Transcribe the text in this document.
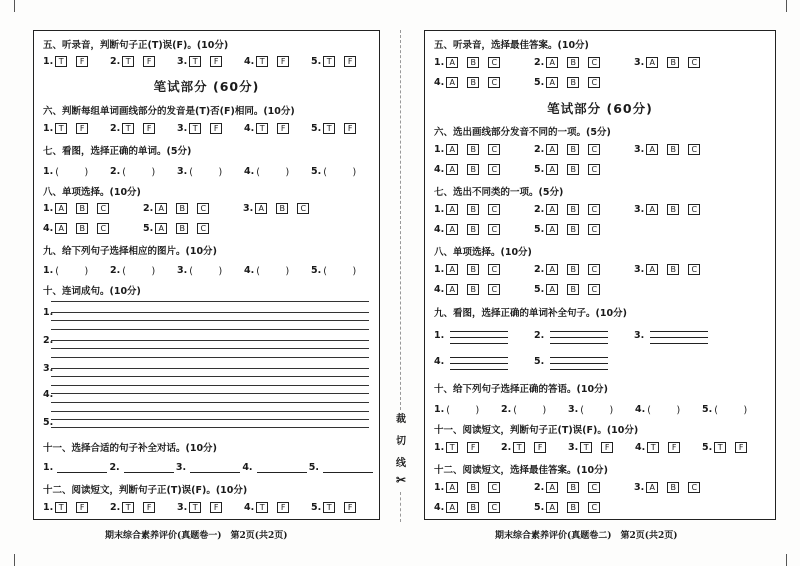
五、听录音，判断句子正(T)误(F)。(10分)
1. T	F	2. T	F	3. T	F	4. T	F	5. T	F
笔试部分 (60分)
六、判断每组单词画线部分的发音是(T)否(F)相同。(10分)
1. T	F	2. T	F	3. T	F	4. T	F	5. T	F
七、看图，选择正确的单词。(5分)
1. (　) 2. (　) 3. (　) 4. (　) 5. (　)
八、单项选择。(10分)
1. A	B	C	2. A	B	C	3. A	B	C
4. A	B	C	5. A	B	C
九、给下列句子选择相应的图片。(10分)
1. (　) 2. (　) 3. (　) 4. (　) 5. (　)
十、连词成句。(10分)
1.
2.
3.
4.
5.
十一、选择合适的句子补全对话。(10分)
1.	2.	3.	4.	5.
十二、阅读短文，判断句子正(T)误(F)。(10分)
1. T	F	2. T	F	3. T	F	4. T	F	5. T	F
期末综合素养评价(真题卷一)　第2页(共2页)
裁
切
线
✂
五、听录音，选择最佳答案。(10分)
1. A	B	C	2. A	B	C	3. A	B	C
4. A	B	C	5. A	B	C
笔试部分 (60分)
六、选出画线部分发音不同的一项。(5分)
1. A	B	C	2. A	B	C	3. A	B	C
4. A	B	C	5. A	B	C
七、选出不同类的一项。(5分)
1. A	B	C	2. A	B	C	3. A	B	C
4. A	B	C	5. A	B	C
八、单项选择。(10分)
1. A	B	C	2. A	B	C	3. A	B	C
4. A	B	C	5. A	B	C
九、看图，选择正确的单词补全句子。(10分)
1.	2.	3.
4.	5.
十、给下列句子选择正确的答语。(10分)
1. (　) 2. (　) 3. (　) 4. (　) 5. (　)
十一、阅读短文，判断句子正(T)误(F)。(10分)
1. T	F	2. T	F	3. T	F	4. T	F	5. T	F
十二、阅读短文，选择最佳答案。(10分)
1. A	B	C	2. A	B	C	3. A	B	C
4. A	B	C	5. A	B	C
期末综合素养评价(真题卷二)　第2页(共2页)
